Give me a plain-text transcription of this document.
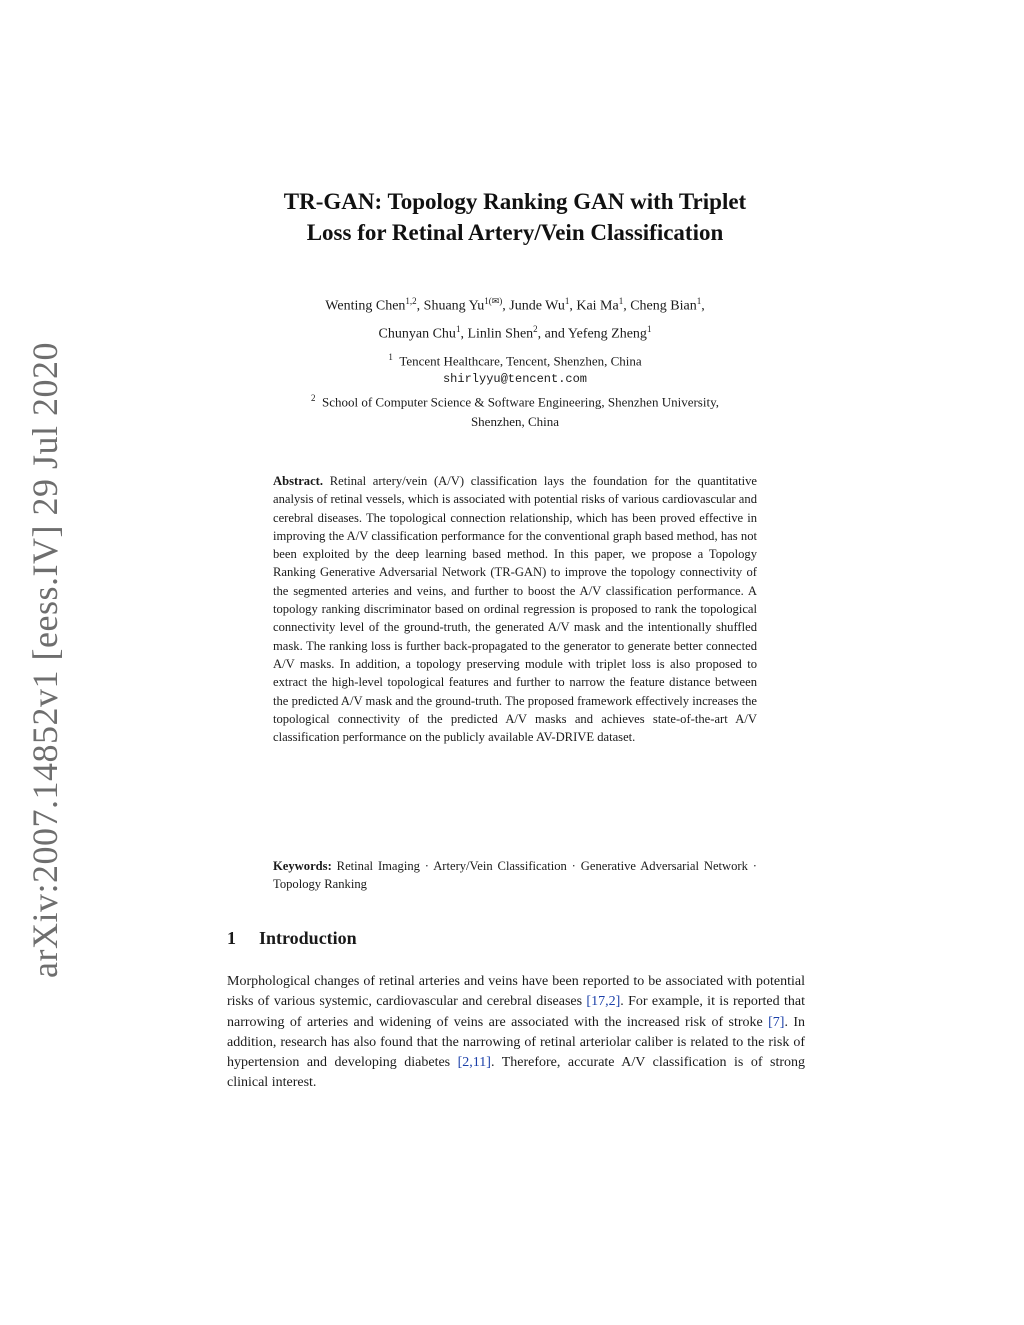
arXiv:2007.14852v1 [eess.IV] 29 Jul 2020
TR-GAN: Topology Ranking GAN with Triplet
Loss for Retinal Artery/Vein Classification
Wenting Chen$^{1,2}$, Shuang $Yu^{1(✉)}$, Junde Wu$^1$, Kai Ma$^1$, Cheng Bian$^1$,
Chunyan Chu$^1$, Linlin Shen$^2$, and Yefeng Zheng$^1$
$^1$ Tencent Healthcare, Tencent, Shenzhen, China
shirlyyu@tencent.com
$^2$ School of Computer Science & Software Engineering, Shenzhen University,
Shenzhen, China
Abstract. Retinal artery/vein (A/V) classification lays the foundation for the quantitative analysis of retinal vessels, which is associated with potential risks of various cardiovascular and cerebral diseases. The topological connection relationship, which has been proved effective in improving the A/V classification performance for the conventional graph based method, has not been exploited by the deep learning based method. In this paper, we propose a Topology Ranking Generative Adversarial Network (TR-GAN) to improve the topology connectivity of the segmented arteries and veins, and further to boost the A/V classification performance. A topology ranking discriminator based on ordinal regression is proposed to rank the topological connectivity level of the ground-truth, the generated A/V mask and the intentionally shuffled mask. The ranking loss is further back-propagated to the generator to generate better connected A/V masks. In addition, a topology preserving module with triplet loss is also proposed to extract the high-level topological features and further to narrow the feature distance between the predicted A/V mask and the ground-truth. The proposed framework effectively increases the topological connectivity of the predicted A/V masks and achieves state-of-the-art A/V classification performance on the publicly available AV-DRIVE dataset.
Keywords: Retinal Imaging · Artery/Vein Classification · Generative Adversarial Network · Topology Ranking
1 Introduction
Morphological changes of retinal arteries and veins have been reported to be associated with potential risks of various systemic, cardiovascular and cerebral diseases [17,2]. For example, it is reported that narrowing of arteries and widening of veins are associated with the increased risk of stroke [7]. In addition, research has also found that the narrowing of retinal arteriolar caliber is related to the risk of hypertension and developing diabetes [2,11]. Therefore, accurate A/V classification is of strong clinical interest.
